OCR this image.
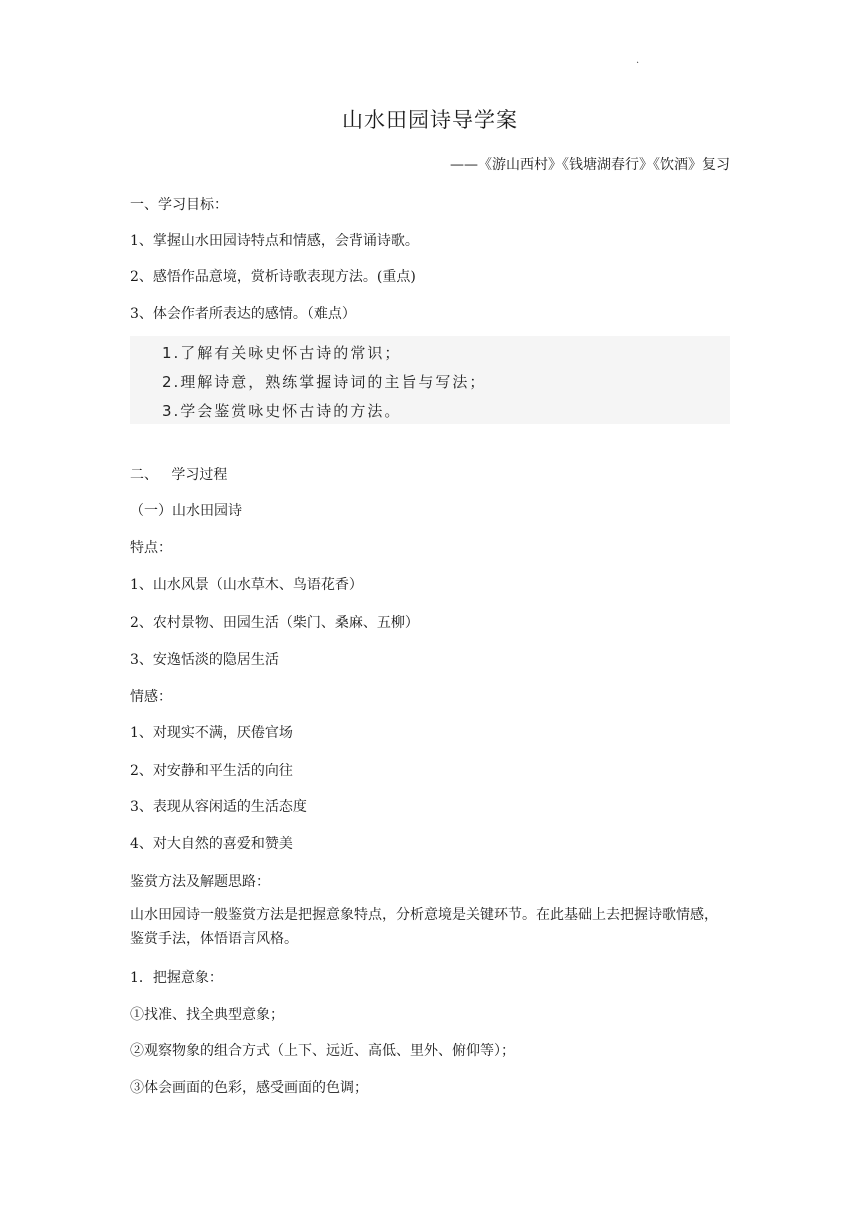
·
山水田园诗导学案
——《游山西村》《钱塘湖春行》《饮酒》复习
一、学习目标：
1、掌握山水田园诗特点和情感，会背诵诗歌。
2、感悟作品意境，赏析诗歌表现方法。(重点)
3、体会作者所表达的感情。（难点）
1.了解有关咏史怀古诗的常识；
2.理解诗意，熟练掌握诗词的主旨与写法；
3.学会鉴赏咏史怀古诗的方法。
二、   学习过程
（一）山水田园诗
特点：
1、山水风景（山水草木、鸟语花香）
2、农村景物、田园生活（柴门、桑麻、五柳）
3、安逸恬淡的隐居生活
情感：
1、对现实不满，厌倦官场
2、对安静和平生活的向往
3、表现从容闲适的生活态度
4、对大自然的喜爱和赞美
鉴赏方法及解题思路：
山水田园诗一般鉴赏方法是把握意象特点，分析意境是关键环节。在此基础上去把握诗歌情感，鉴赏手法，体悟语言风格。
1．把握意象：
①找准、找全典型意象；
②观察物象的组合方式（上下、远近、高低、里外、俯仰等）；
③体会画面的色彩，感受画面的色调；
